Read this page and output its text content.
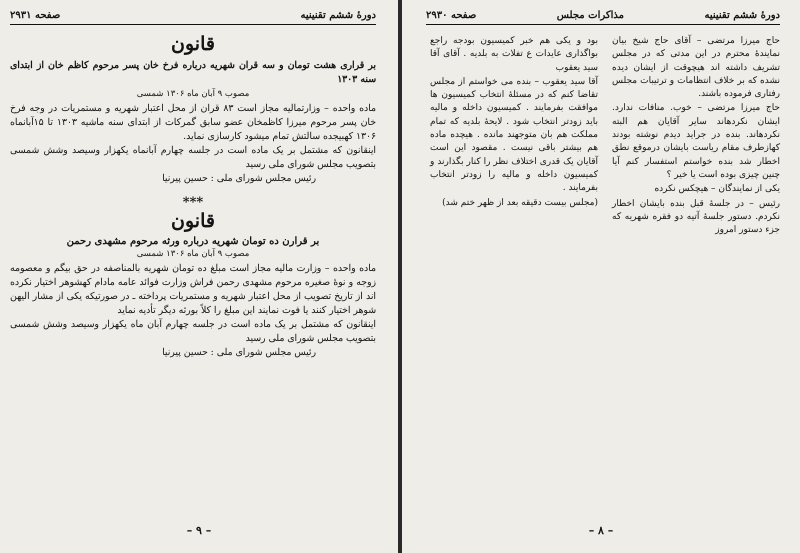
دورهٔ ششم تقنینیه
صفحه ۲۹۳۱
قانون

بر قراری هشت تومان و سه قران شهریه درباره فرخ خان پسر مرحوم کاظم خان از ابتدای سنه ۱۳۰۳

مصوب ۹ آبان ماه ۱۳۰۶ شمسی

ماده واحده – وزارتمالیه مجاز است ۸۳ قران از محل اعتبار شهریه و مستمریات در وجه فرخ خان پسر مرحوم میرزا کاظمخان عضو سابق گمرکات از ابتدای سنه ماشیه ۱۳۰۳ تا ۱۵آبانماه ۱۳۰۶ کهبیجده سالتش تمام میشود کارسازی نماید.

اینقانون که مشتمل بر یک ماده است در جلسه چهارم آبانماه یکهزار وسیصد وشش شمسی بتصویب مجلس شورای ملی رسید

رئیس مجلس شورای ملی : حسین پیرنیا

***
قانون
بر قرارن ده تومان شهریه درباره ورثه مرحوم مشهدی رحمن
مصوب ۹ آبان ماه ۱۳۰۶ شمسی

ماده واحده – وزارت مالیه مجاز است مبلغ ده تومان شهریه بالمناصفه در حق بیگم و معصومه زوجه و نوهٔ صغیره مرحوم مشهدی رحمن فراش وزارت فوائد عامه مادام کهشوهر اختیار نکرده اند از تاریخ تصویب از محل اعتبار شهریه و مستمریات پرداخته ـ در صورتیکه یکی از مشار الیهن شوهر اختیار کنند یا فوت نمایند این مبلغ را کلاً بورثه دیگر تأدیه نماید

اینقانون که مشتمل بر یک ماده است در جلسه چهارم آبان ماه یکهزار وسیصد وشش شمسی بتصویب مجلس شورای ملی رسید

رئیس مجلس شورای ملی : حسین پیرنیا

– ۹ –
دورهٔ ششم تقنینیه
مذاکرات مجلس
صفحه ۲۹۳۰

حاج میرزا مرتضی – آقای حاج شیخ بیان نمایندهٔ محترم در این مدتی که در مجلس تشریف داشته اند هیچوقت از ایشان دیده نشده که بر خلاف انتظامات و ترتیبات مجلس رفتاری فرموده باشند.

حاج میرزا مرتضی – خوب. منافات ندارد. ایشان نکردهاند سایر آقایان هم البته نکردهاند. بنده در جراید دیدم نوشته بودند کهازطرف مقام ریاست بایشان درموقع نطق اخطار شد بنده خواستم استفسار کنم آیا چنین چیزی بوده است یا خیر ؟

یکی از نمایندگان – هیچکس نکرده

رئیس – در جلسهٔ قبل بنده بایشان اخطار نکردم. دستور جلسهٔ آتیه دو فقره شهریه که جزء دستور امروز

بود و یکی هم خبر کمیسیون بودجه راجع بواگذاری عایدات ع تفلات به بلدیه . آقای آقا سید یعقوب

آقا سید یعقوب – بنده می خواستم از مجلس تقاضا کنم که در مسئلهٔ انتخاب کمیسیون ها موافقت بفرمایند . کمیسیون داخله و مالیه باید زودتر انتخاب شود . لایحهٔ بلدیه که تمام مملکت هم بان متوجهند مانده . هیچده ماده هم بیشتر باقی نیست . مقصود این است آقایان یک قدری اختلاف نظر را کنار بگذارند و کمیسیون داخله و مالیه را زودتر انتخاب بفرمایند .

(مجلس بیست دقیقه بعد از ظهر ختم شد)

– ۸ –
